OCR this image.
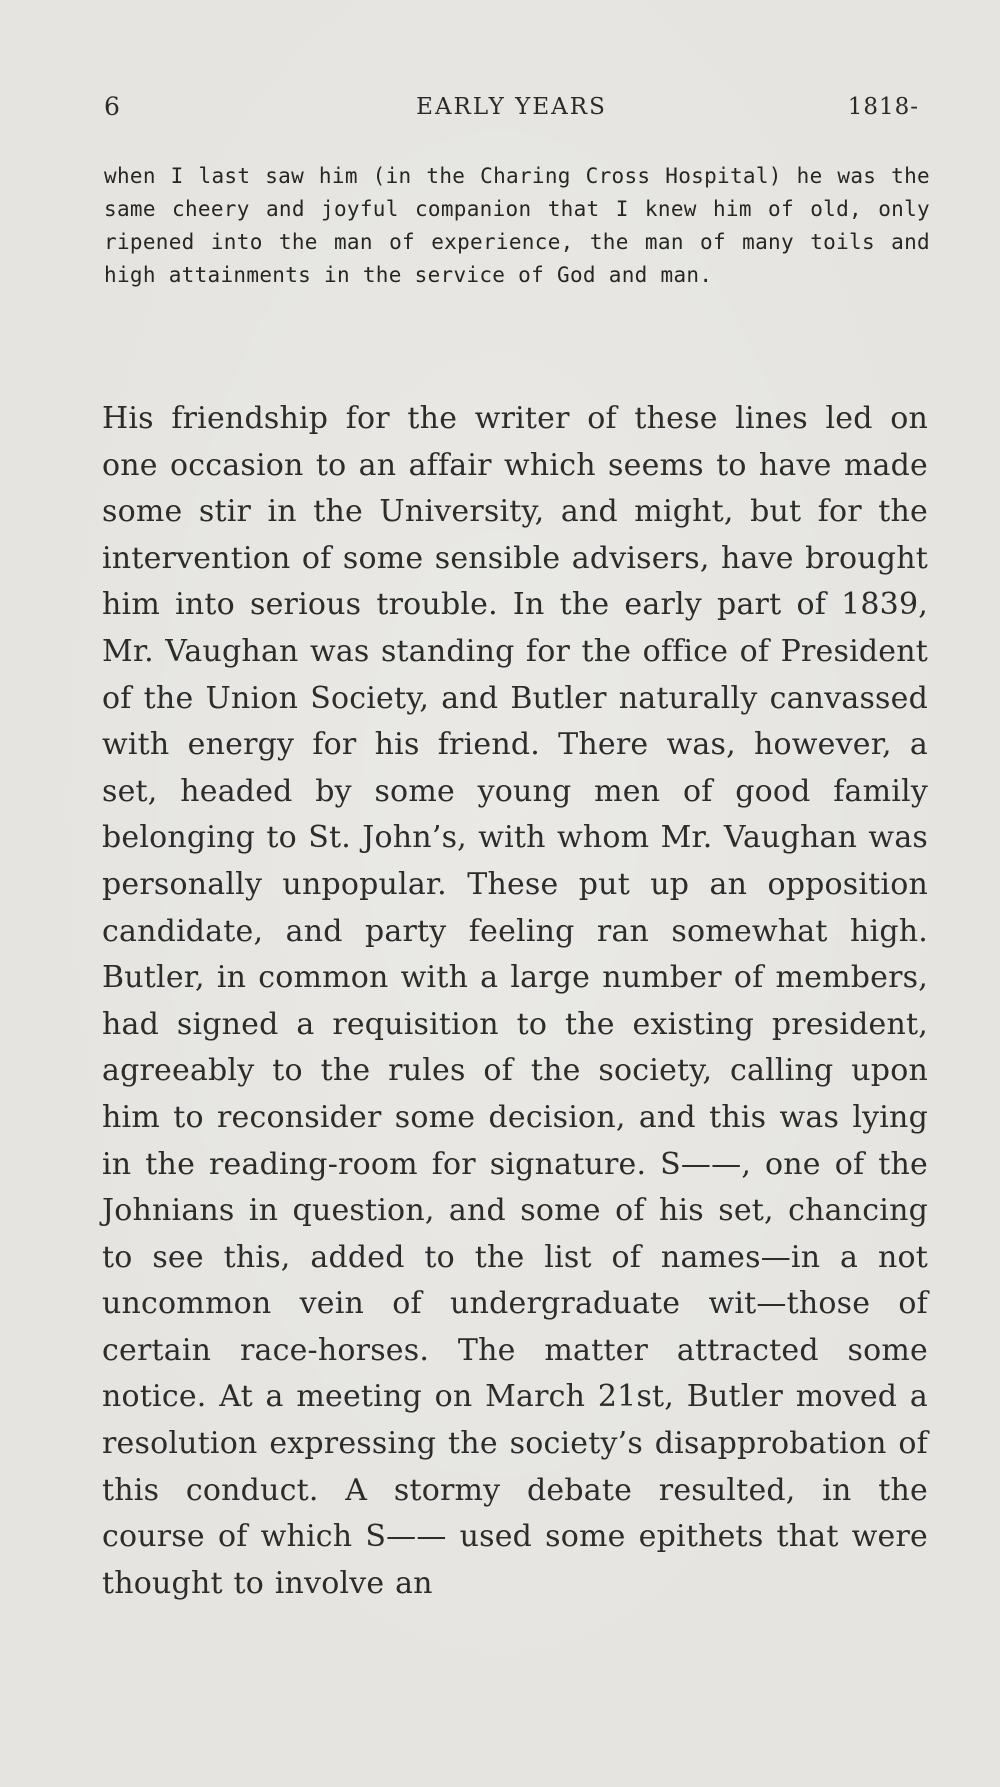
6	EARLY YEARS	1818-

when I last saw him (in the Charing Cross Hospital) he was the same cheery and joyful companion that I knew him of old, only ripened into the man of experience, the man of many toils and high attainments in the service of God and man.

His friendship for the writer of these lines led on one occasion to an affair which seems to have made some stir in the University, and might, but for the intervention of some sensible advisers, have brought him into serious trouble. In the early part of 1839, Mr. Vaughan was standing for the office of President of the Union Society, and Butler naturally canvassed with energy for his friend. There was, however, a set, headed by some young men of good family belonging to St. John’s, with whom Mr. Vaughan was personally unpopular. These put up an opposition candidate, and party feeling ran somewhat high. Butler, in common with a large number of members, had signed a requisition to the existing president, agreeably to the rules of the society, calling upon him to reconsider some decision, and this was lying in the reading-room for signature. S——, one of the Johnians in question, and some of his set, chancing to see this, added to the list of names—in a not uncommon vein of undergraduate wit—those of certain race-horses. The matter attracted some notice. At a meeting on March 21st, Butler moved a resolution expressing the society’s disapprobation of this conduct. A stormy debate resulted, in the course of which S—— used some epithets that were thought to involve an
